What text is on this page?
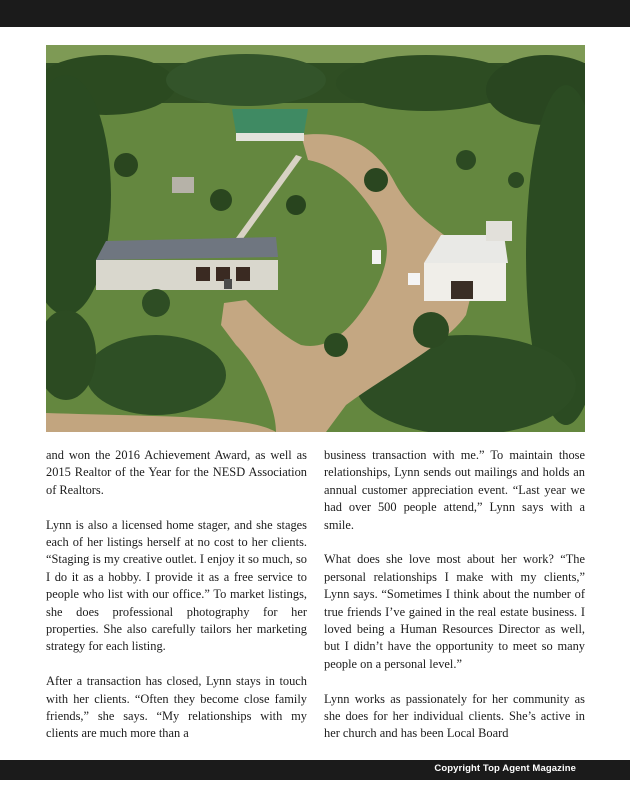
and won the 2016 Achievement Award, as well as 2015 Realtor of the Year for the NESD Association of Realtors.

Lynn is also a licensed home stager, and she stages each of her listings herself at no cost to her clients. “Staging is my creative outlet. I enjoy it so much, so I do it as a hobby. I provide it as a free service to people who list with our office.” To market listings, she does professional photography for her properties. She also carefully tailors her marketing strategy for each listing.

After a transaction has closed, Lynn stays in touch with her clients. “Often they become close family friends,” she says. “My relationships with my clients are much more than a

business transaction with me.” To maintain those relationships, Lynn sends out mailings and holds an annual customer appreciation event. “Last year we had over 500 people attend,” Lynn says with a smile.

What does she love most about her work? “The personal relationships I make with my clients,” Lynn says. “Sometimes I think about the number of true friends I’ve gained in the real estate business. I loved being a Human Resources Director as well, but I didn’t have the opportunity to meet so many people on a personal level.”

Lynn works as passionately for her community as she does for her individual clients. She’s active in her church and has been Local Board

Copyright Top Agent Magazine
